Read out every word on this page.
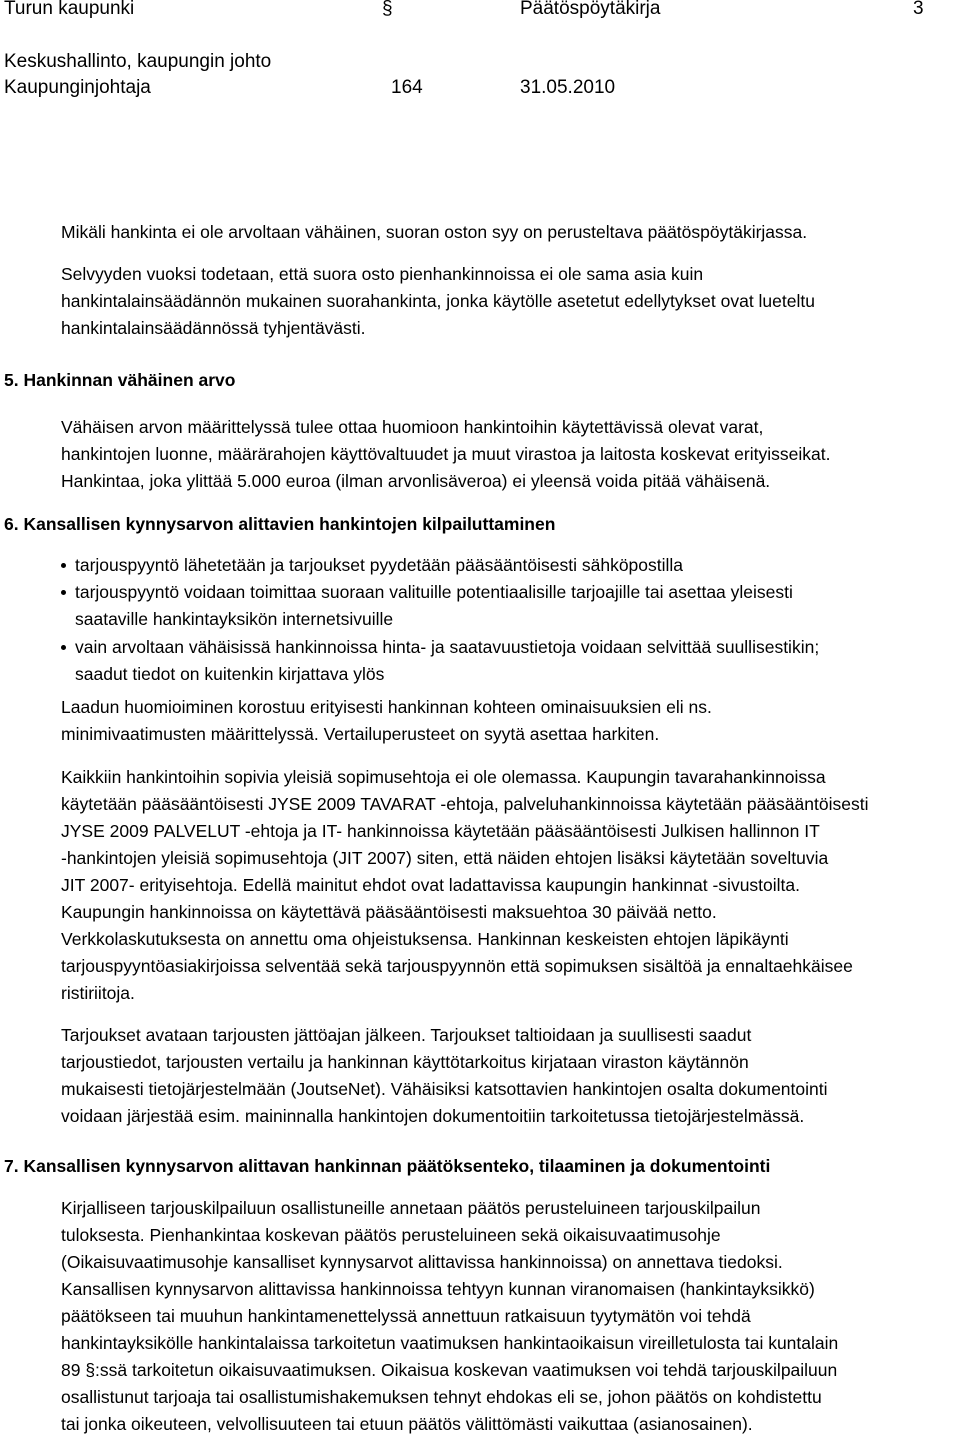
Turun kaupunki	§	Päätöspöytäkirja	3
Keskushallinto, kaupungin johto
Kaupunginjohtaja	164	31.05.2010
Mikäli hankinta ei ole arvoltaan vähäinen, suoran oston syy on perusteltava päätöspöytäkirjassa.
Selvyyden vuoksi todetaan, että suora osto pienhankinnoissa ei ole sama asia kuin
hankintalainsäädännön mukainen suorahankinta, jonka käytölle asetetut edellytykset ovat lueteltu
hankintalainsäädännössä tyhjentävästi.
5. Hankinnan vähäinen arvo
Vähäisen arvon määrittelyssä tulee ottaa huomioon hankintoihin käytettävissä olevat varat,
hankintojen luonne, määrärahojen käyttövaltuudet ja muut virastoa ja laitosta koskevat erityisseikat.
Hankintaa, joka ylittää 5.000 euroa (ilman arvonlisäveroa) ei yleensä voida pitää vähäisenä.
6. Kansallisen kynnysarvon alittavien hankintojen kilpailuttaminen
tarjouspyyntö lähetetään ja tarjoukset pyydetään pääsääntöisesti sähköpostilla
tarjouspyyntö voidaan toimittaa suoraan valituille potentiaalisille tarjoajille tai asettaa yleisesti
saataville hankintayksikön internetsivuille
vain arvoltaan vähäisissä hankinnoissa hinta- ja saatavuustietoja voidaan selvittää suullisestikin;
saadut tiedot on kuitenkin kirjattava ylös
Laadun huomioiminen korostuu erityisesti hankinnan kohteen ominaisuuksien eli ns.
minimivaatimusten määrittelyssä. Vertailuperusteet on syytä asettaa harkiten.
Kaikkiin hankintoihin sopivia yleisiä sopimusehtoja ei ole olemassa. Kaupungin tavarahankinnoissa
käytetään pääsääntöisesti JYSE 2009 TAVARAT -ehtoja, palveluhankinnoissa käytetään pääsääntöisesti
JYSE 2009 PALVELUT -ehtoja ja IT- hankinnoissa käytetään pääsääntöisesti Julkisen hallinnon IT
-hankintojen yleisiä sopimusehtoja (JIT 2007) siten, että näiden ehtojen lisäksi käytetään soveltuvia
JIT 2007- erityisehtoja. Edellä mainitut ehdot ovat ladattavissa kaupungin hankinnat -sivustoilta.
Kaupungin hankinnoissa on käytettävä pääsääntöisesti maksuehtoa 30 päivää netto.
Verkkolaskutuksesta on annettu oma ohjeistuksensa. Hankinnan keskeisten ehtojen läpikäynti
tarjouspyyntöasiakirjoissa selventää sekä tarjouspyynnön että sopimuksen sisältöä ja ennaltaehkäisee
ristiriitoja.
Tarjoukset avataan tarjousten jättöajan jälkeen. Tarjoukset taltioidaan ja suullisesti saadut
tarjoustiedot, tarjousten vertailu ja hankinnan käyttötarkoitus kirjataan viraston käytännön
mukaisesti tietojärjestelmään (JoutseNet). Vähäisiksi katsottavien hankintojen osalta dokumentointi
voidaan järjestää esim. maininnalla hankintojen dokumentoitiin tarkoitetussa tietojärjestelmässä.
7. Kansallisen kynnysarvon alittavan hankinnan päätöksenteko, tilaaminen ja dokumentointi
Kirjalliseen tarjouskilpailuun osallistuneille annetaan päätös perusteluineen tarjouskilpailun
tuloksesta. Pienhankintaa koskevan päätös perusteluineen sekä oikaisuvaatimusohje
(Oikaisuvaatimusohje kansalliset kynnysarvot alittavissa hankinnoissa) on annettava tiedoksi.
Kansallisen kynnysarvon alittavissa hankinnoissa tehtyyn kunnan viranomaisen (hankintayksikkö)
päätökseen tai muuhun hankintamenettelyssä annettuun ratkaisuun tyytymätön voi tehdä
hankintayksikölle hankintalaissa tarkoitetun vaatimuksen hankintaoikaisun vireilletulosta tai kuntalain
89 §:ssä tarkoitetun oikaisuvaatimuksen. Oikaisua koskevan vaatimuksen voi tehdä tarjouskilpailuun
osallistunut tarjoaja tai osallistumishakemuksen tehnyt ehdokas eli se, johon päätös on kohdistettu
tai jonka oikeuteen, velvollisuuteen tai etuun päätös välittömästi vaikuttaa (asianosainen).
